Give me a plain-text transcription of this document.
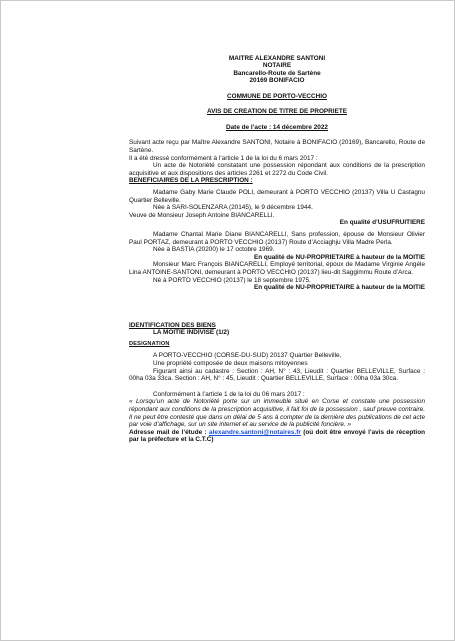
MAITRE ALEXANDRE SANTONI

NOTAIRE

Bancarello-Route de Sartène

20169 BONIFACIO

COMMUNE DE PORTO-VECCHIO

AVIS DE CREATION DE TITRE DE PROPRIETE

Date de l’acte : 14 décembre 2022

Suivant acte reçu par Maître Alexandre SANTONI, Notaire à BONIFACIO (20169), Bancarello, Route de Sartène.

Il a été dressé conformément à l’article 1 de la loi du 6 mars 2017 :

Un acte de Notoriété constatant une possession répondant aux conditions de la prescription acquisitive et aux dispositions des articles 2261 et 2272 du Code Civil.

BENEFICIAIRES DE LA PRESCRIPTION :

Madame Gaby Marie Claude POLI, demeurant à PORTO VECCHIO (20137) Villa U Castagnu Quartier Belleville.

Née à SARI-SOLENZARA (20145), le 9 décembre 1944.

Veuve de Monsieur Joseph Antoine BIANCARELLI.

En qualité d’USUFRUITIERE

Madame Chantal Marie Diane BIANCARELLI, Sans profession, épouse de Monsieur Olivier Paul PORTAZ, demeurant à PORTO VECCHIO (20137) Route d’Acciaghju Villa Madre Perla.

Née à BASTIA (20200) le 17 octobre 1969.

En qualité de NU-PROPRIETAIRE à hauteur de la MOITIE

Monsieur Marc François BIANCARELLI, Employé territorial, époux de Madame Virginie Angèle Lina ANTOINE-SANTONI, demeurant à PORTO VECCHIO (20137) lieu-dit Saggimmu Route d’Arca.

Né à PORTO VECCHIO (20137) le 18 septembre 1975.

En qualité de NU-PROPRIETAIRE à hauteur de la MOITIE

IDENTIFICATION DES BIENS

LA MOITIE INDIVISE (1/2)

DESIGNATION

A PORTO-VECCHIO (CORSE-DU-SUD) 20137 Quartier Belleville,

Une propriété composée de deux maisons mitoyennes

Figurant ainsi au cadastre : Section : AH, N° : 43, Lieudit : Quartier BELLEVILLE, Surface : 00ha 03a 33ca. Section : AH, N° : 45, Lieudit : Quartier BELLEVILLE, Surface : 00ha 03a 30ca.

Conformément à l’article 1 de la loi du 06 mars 2017 :

« Lorsqu’un acte de Notoriété porte sur un immeuble situé en Corse et constate une possession répondant aux conditions de la prescription acquisitive, il fait foi de la possession , sauf preuve contraire. Il ne peut être contesté que dans un délai de 5 ans à compter de la dernière des publications de cet acte par voie d’affichage, sur un site internet et au service de la publicité foncière. »

Adresse mail de l’étude : alexandre.santoni@notaires.fr (où doit être envoyé l’avis de réception par la préfecture et la C.T.C)
